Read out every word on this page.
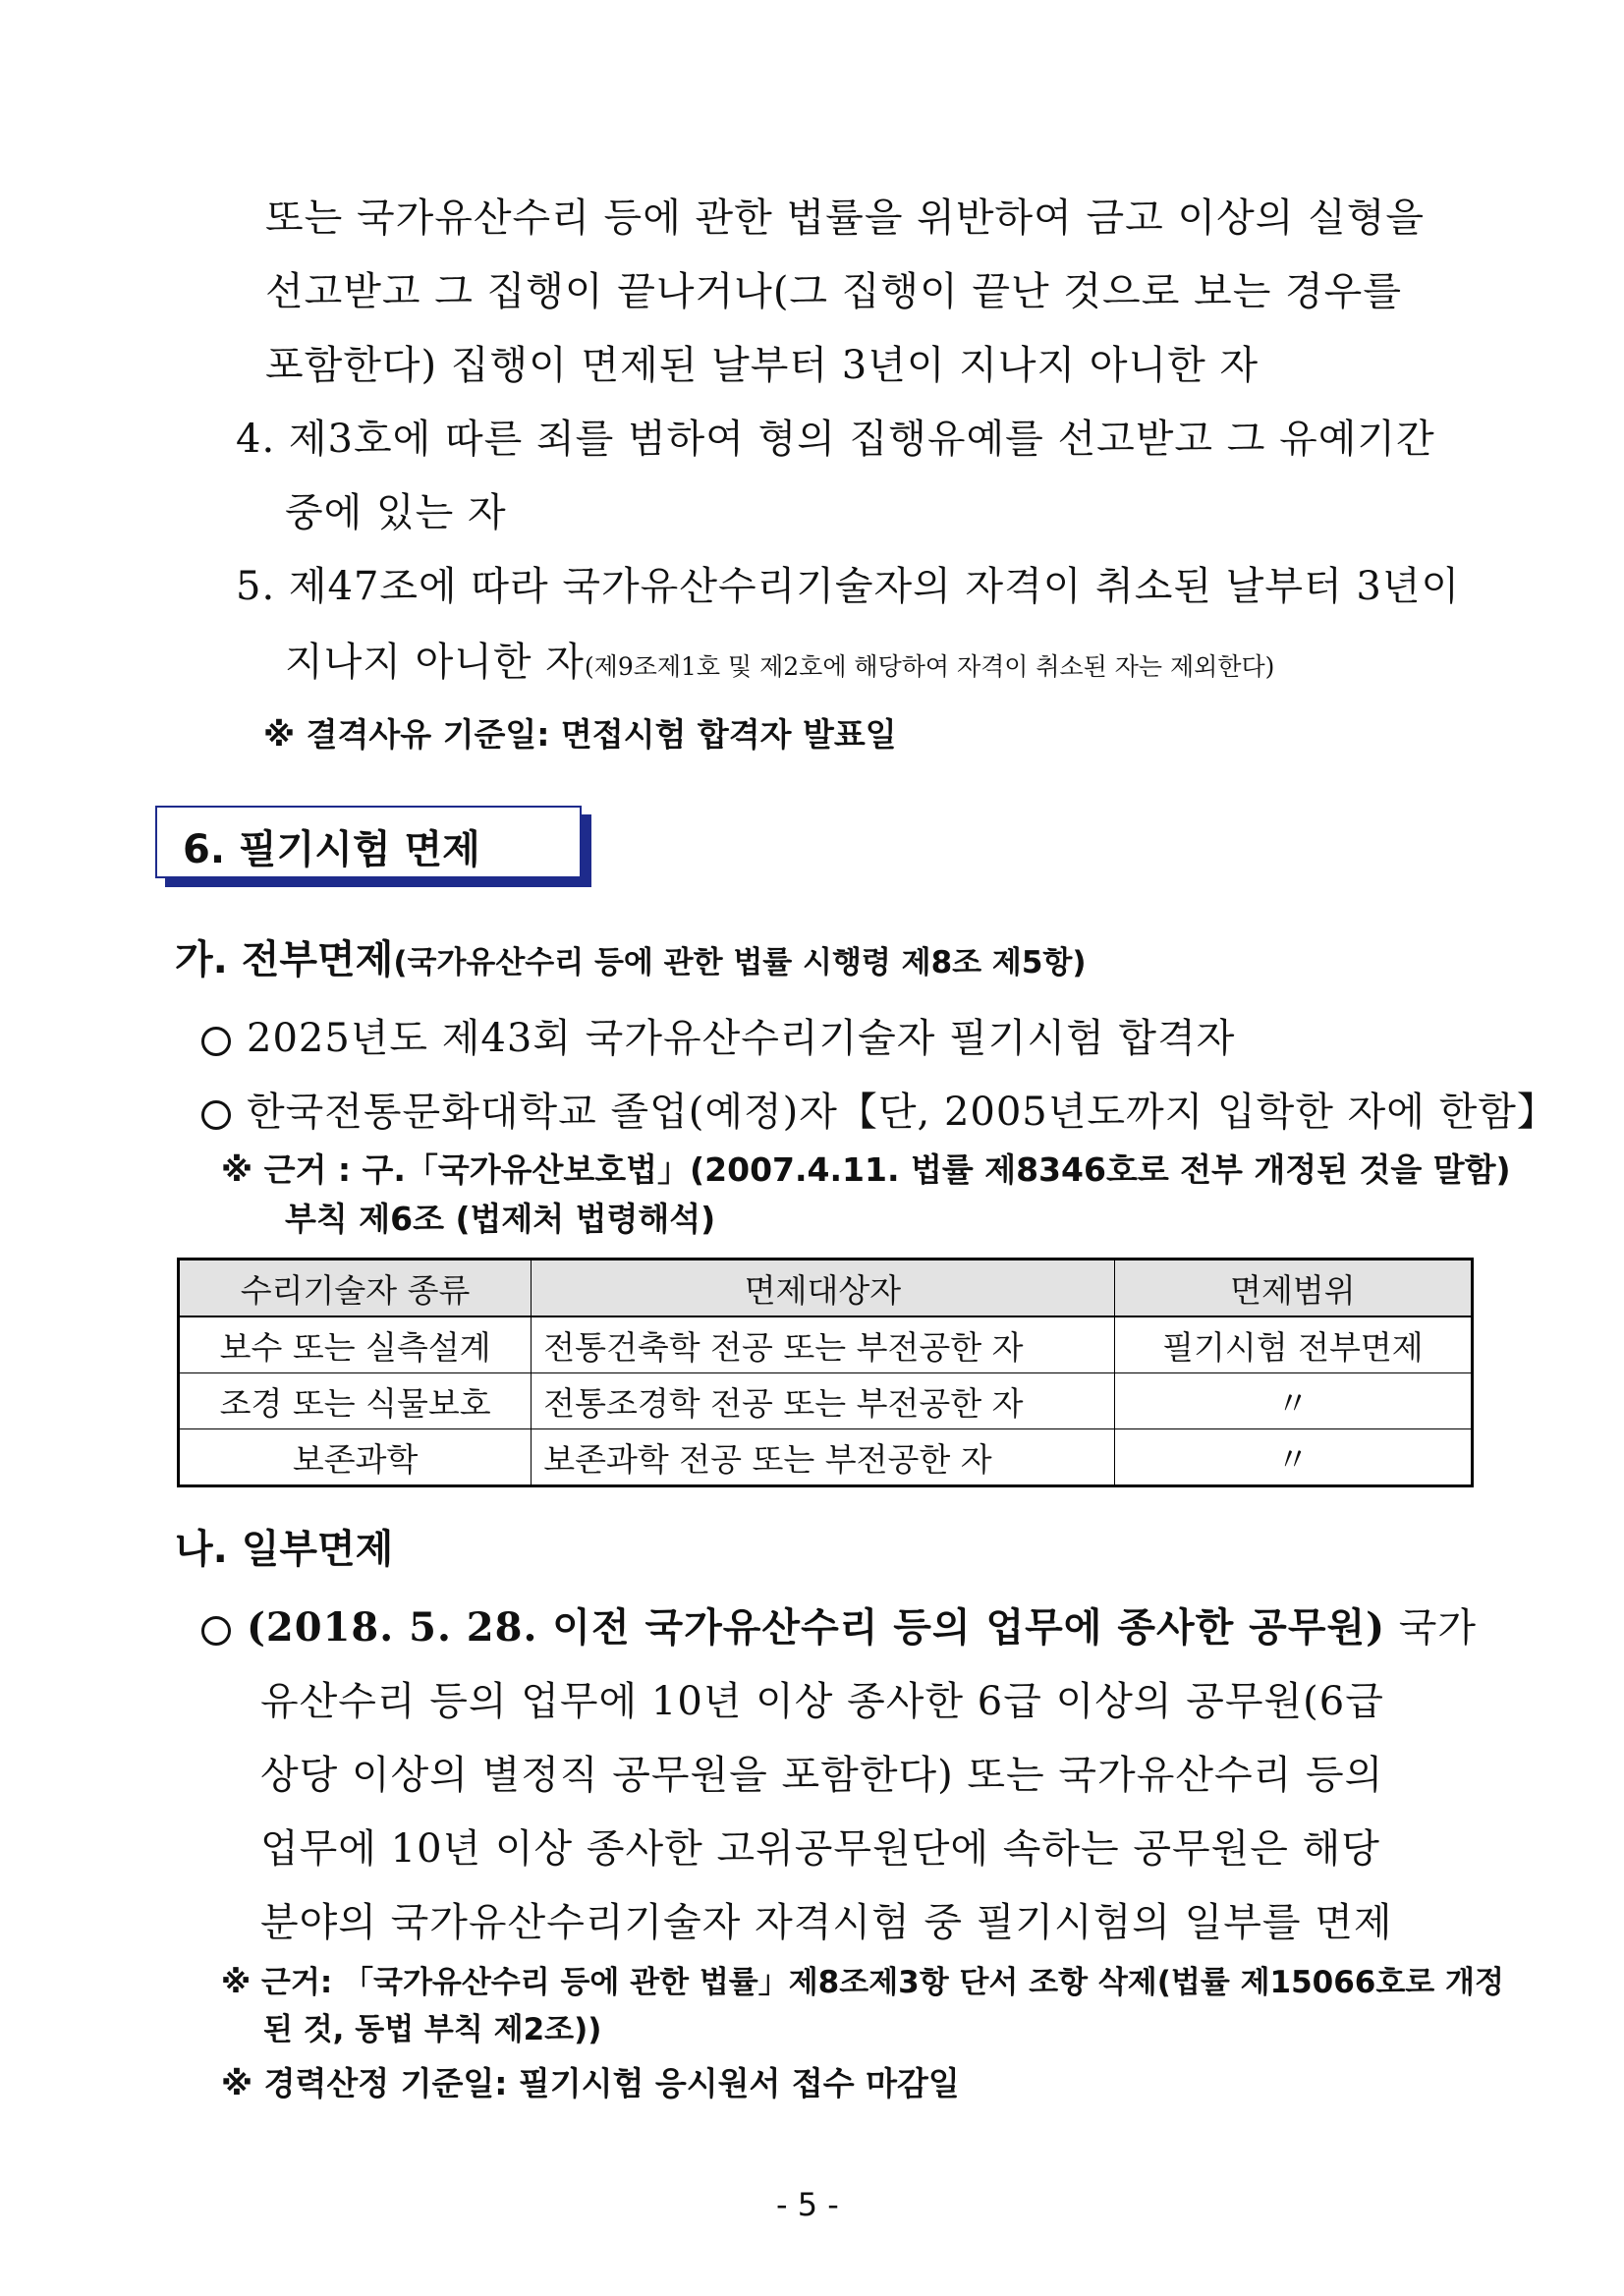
또는 국가유산수리 등에 관한 법률을 위반하여 금고 이상의 실형을
선고받고 그 집행이 끝나거나(그 집행이 끝난 것으로 보는 경우를
포함한다) 집행이 면제된 날부터 3년이 지나지 아니한 자
4. 제3호에 따른 죄를 범하여 형의 집행유예를 선고받고 그 유예기간
중에 있는 자
5. 제47조에 따라 국가유산수리기술자의 자격이 취소된 날부터 3년이
지나지 아니한 자(제9조제1호 및 제2호에 해당하여 자격이 취소된 자는 제외한다)
※ 결격사유 기준일: 면접시험 합격자 발표일
6. 필기시험 면제
가. 전부면제(국가유산수리 등에 관한 법률 시행령 제8조 제5항)
2025년도 제43회 국가유산수리기술자 필기시험 합격자
한국전통문화대학교 졸업(예정)자【단, 2005년도까지 입학한 자에 한함】
※ 근거 : 구.「국가유산보호법」(2007.4.11. 법률 제8346호로 전부 개정된 것을 말함)
부칙 제6조 (법제처 법령해석)
수리기술자 종류	면제대상자	면제범위
보수 또는 실측설계	전통건축학 전공 또는 부전공한 자	필기시험 전부면제
조경 또는 식물보호	전통조경학 전공 또는 부전공한 자	〃
보존과학	보존과학 전공 또는 부전공한 자	〃
나. 일부면제
(2018. 5. 28. 이전 국가유산수리 등의 업무에 종사한 공무원) 국가
유산수리 등의 업무에 10년 이상 종사한 6급 이상의 공무원(6급
상당 이상의 별정직 공무원을 포함한다) 또는 국가유산수리 등의
업무에 10년 이상 종사한 고위공무원단에 속하는 공무원은 해당
분야의 국가유산수리기술자 자격시험 중 필기시험의 일부를 면제
※ 근거: 「국가유산수리 등에 관한 법률」제8조제3항 단서 조항 삭제(법률 제15066호로 개정
된 것, 동법 부칙 제2조))
※ 경력산정 기준일: 필기시험 응시원서 접수 마감일
- 5 -
